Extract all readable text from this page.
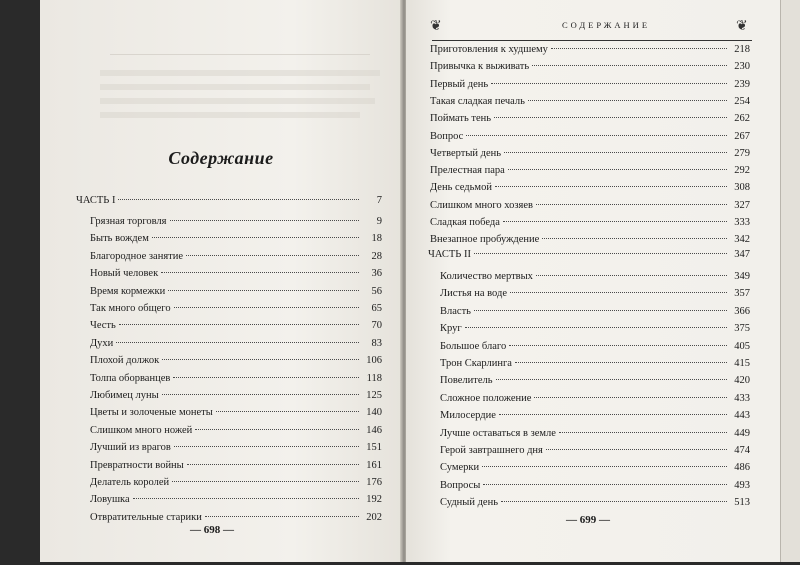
Содержание
ЧАСТЬ I	7
Грязная торговля	9
Быть вождем	18
Благородное занятие	28
Новый человек	36
Время кормежки	56
Так много общего	65
Честь	70
Духи	83
Плохой должок	106
Толпа оборванцев	118
Любимец луны	125
Цветы и золоченые монеты	140
Слишком много ножей	146
Лучший из врагов	151
Превратности войны	161
Делатель королей	176
Ловушка	192
Отвратительные старики	202
— 698 —
❦	❦
СОДЕРЖАНИЕ
Приготовления к худшему	218
Привычка к выживать	230
Первый день	239
Такая сладкая печаль	254
Поймать тень	262
Вопрос	267
Четвертый день	279
Прелестная пара	292
День седьмой	308
Слишком много хозяев	327
Сладкая победа	333
Внезапное пробуждение	342
ЧАСТЬ II	347
Количество мертвых	349
Листья на воде	357
Власть	366
Круг	375
Большое благо	405
Трон Скарлинга	415
Повелитель	420
Сложное положение	433
Милосердие	443
Лучше оставаться в земле	449
Герой завтрашнего дня	474
Сумерки	486
Вопросы	493
Судный день	513
— 699 —
